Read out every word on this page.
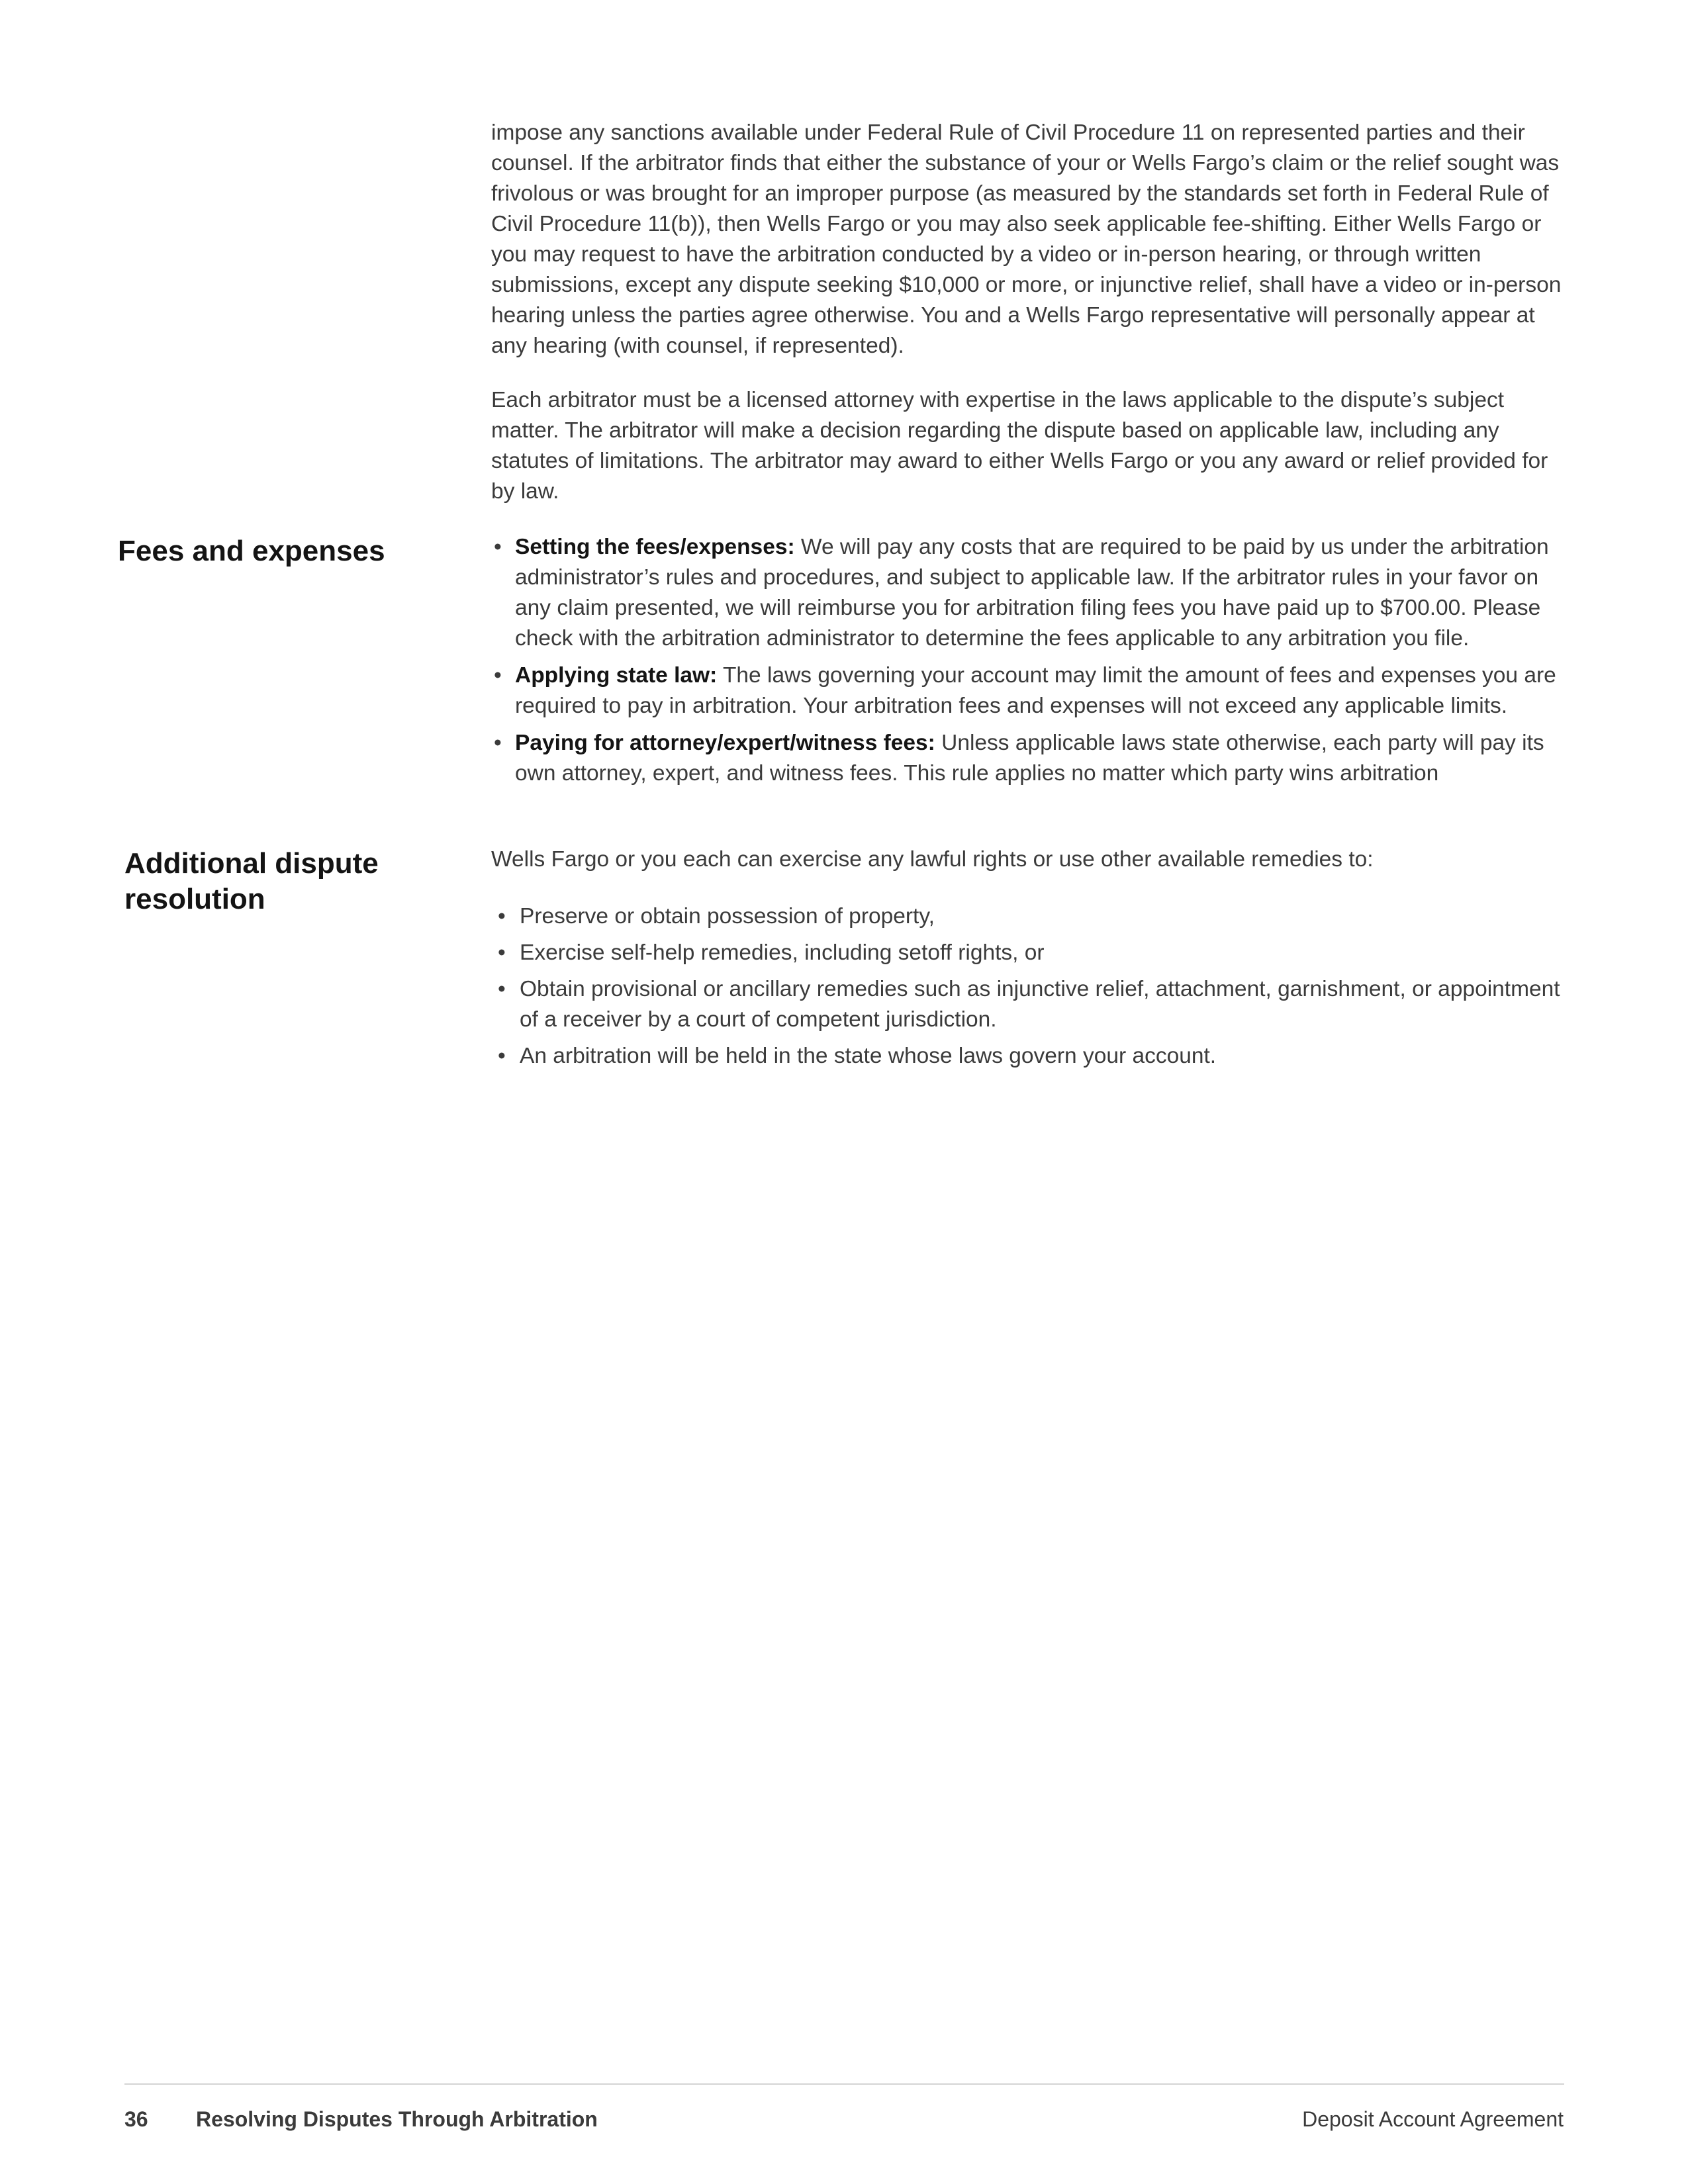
impose any sanctions available under Federal Rule of Civil Procedure 11 on represented parties and their counsel. If the arbitrator finds that either the substance of your or Wells Fargo’s claim or the relief sought was frivolous or was brought for an improper purpose (as measured by the standards set forth in Federal Rule of Civil Procedure 11(b)), then Wells Fargo or you may also seek applicable fee-shifting. Either Wells Fargo or you may request to have the arbitration conducted by a video or in-person hearing, or through written submissions, except any dispute seeking $10,000 or more, or injunctive relief, shall have a video or in-person hearing unless the parties agree otherwise. You and a Wells Fargo representative will personally appear at any hearing (with counsel, if represented).

Each arbitrator must be a licensed attorney with expertise in the laws applicable to the dispute’s subject matter. The arbitrator will make a decision regarding the dispute based on applicable law, including any statutes of limitations. The arbitrator may award to either Wells Fargo or you any award or relief provided for by law.

Fees and expenses	• Setting the fees/expenses: We will pay any costs that are required to be paid by us under the arbitration administrator’s rules and procedures, and subject to applicable law. If the arbitrator rules in your favor on any claim presented, we will reimburse you for arbitration filing fees you have paid up to $700.00. Please check with the arbitration administrator to determine the fees applicable to any arbitration you file.
• Applying state law: The laws governing your account may limit the amount of fees and expenses you are required to pay in arbitration. Your arbitration fees and expenses will not exceed any applicable limits.
• Paying for attorney/expert/witness fees: Unless applicable laws state otherwise, each party will pay its own attorney, expert, and witness fees. This rule applies no matter which party wins arbitration
Additional dispute
resolution

Wells Fargo or you each can exercise any lawful rights or use other available remedies to:

• Preserve or obtain possession of property,
• Exercise self-help remedies, including setoff rights, or
• Obtain provisional or ancillary remedies such as injunctive relief, attachment, garnishment, or appointment of a receiver by a court of competent jurisdiction.
• An arbitration will be held in the state whose laws govern your account.
36 Resolving Disputes Through Arbitration	Deposit Account Agreement
